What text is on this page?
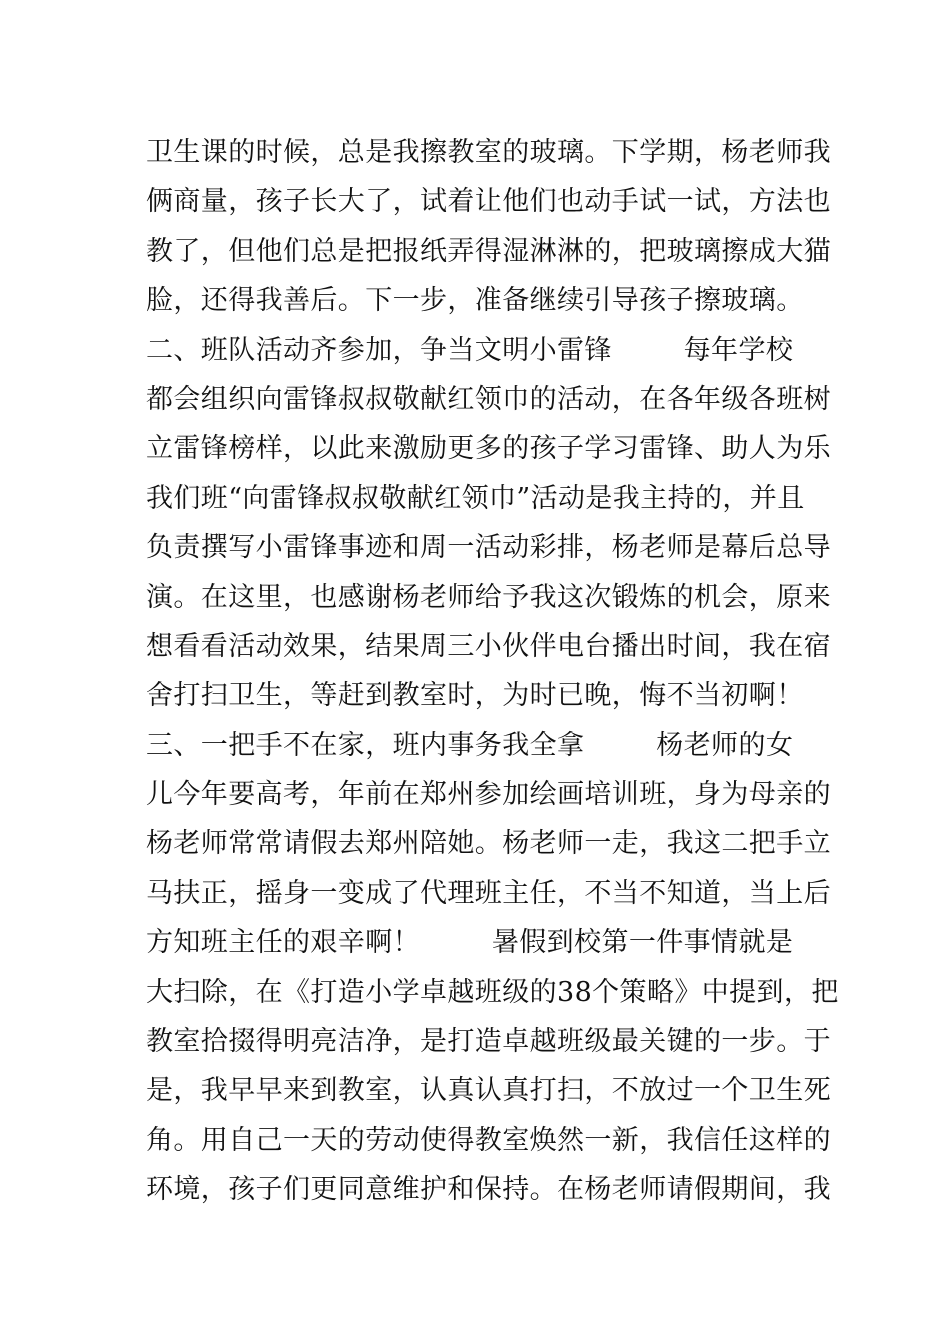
卫生课的时候，总是我擦教室的玻璃。下学期，杨老师我
俩商量，孩子长大了，试着让他们也动手试一试，方法也
教了，但他们总是把报纸弄得湿淋淋的，把玻璃擦成大猫
脸，还得我善后。下一步，准备继续引导孩子擦玻璃。
二、班队活动齐参加，争当文明小雷锋        每年学校
都会组织向雷锋叔叔敬献红领巾的活动，在各年级各班树
立雷锋榜样，以此来激励更多的孩子学习雷锋、助人为乐
我们班“向雷锋叔叔敬献红领巾”活动是我主持的，并且
负责撰写小雷锋事迹和周一活动彩排，杨老师是幕后总导
演。在这里，也感谢杨老师给予我这次锻炼的机会，原来
想看看活动效果，结果周三小伙伴电台播出时间，我在宿
舍打扫卫生，等赶到教室时，为时已晚，悔不当初啊！
三、一把手不在家，班内事务我全拿        杨老师的女
儿今年要高考，年前在郑州参加绘画培训班，身为母亲的
杨老师常常请假去郑州陪她。杨老师一走，我这二把手立
马扶正，摇身一变成了代理班主任，不当不知道，当上后
方知班主任的艰辛啊！        暑假到校第一件事情就是
大扫除，在《打造小学卓越班级的38个策略》中提到，把
教室拾掇得明亮洁净，是打造卓越班级最关键的一步。于
是，我早早来到教室，认真认真打扫，不放过一个卫生死
角。用自己一天的劳动使得教室焕然一新，我信任这样的
环境，孩子们更同意维护和保持。在杨老师请假期间，我
